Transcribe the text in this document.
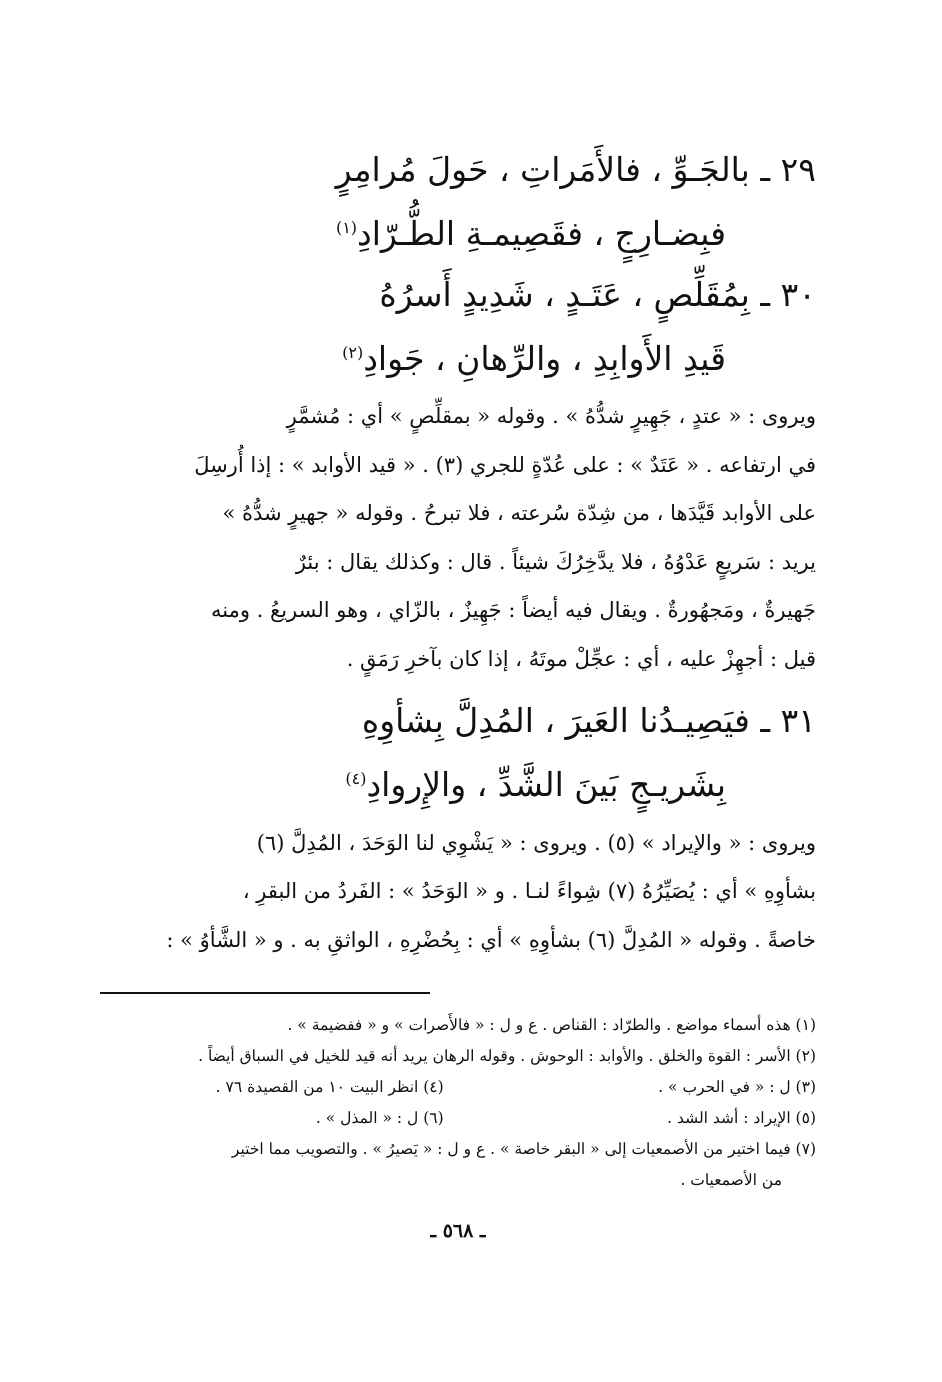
٢٩ ـ بالجَـوِّ ، فالأَمَراتِ ، حَولَ مُرامِرٍ
فبِضـارِجٍ ، فقَصِيمـةِ الطُّـرّادِ$^{(١)}$
٣٠ ـ بِمُقَلِّصٍ ، عَتَـدٍ ، شَدِيدٍ أَسرُهُ
قَيدِ الأَوابِدِ ، والرِّهانِ ، جَوادِ$^{(٢)}$

ويروى : « عتدٍ ، جَهِيرٍ شدُّهُ » . وقوله « بمقلِّصٍ » أي : مُشمَّرٍ

في ارتفاعه . « عَتَدٌ » : على عُدّةٍ للجري (٣) . « قيد الأوابد » : إذا أُرسِلَ

على الأوابد قَيَّدَها ، من شِدّة سُرعته ، فلا تبرحُ . وقوله « جهيرٍ شدُّهُ »

يريد : سَريعٍ عَدْوُهُ ، فلا يدَّخِرُكَ شيئاً . قال : وكذلك يقال : بئرٌ

جَهيرةٌ ، ومَجهُورةٌ . ويقال فيه أيضاً : جَهِيزٌ ، بالزّاي ، وهو السريعُ . ومنه

قيل : أجهِزْ عليه ، أي : عجِّلْ موتَهُ ، إذا كان بآخرِ رَمَقٍ .

٣١ ـ فيَصِيـدُنا العَيرَ ، المُدِلَّ بِشأوِهِ
بِشَريـجٍ بَينَ الشَّدِّ ، والإِروادِ$^{(٤)}$

ويروى : « والإيراد » (٥) . ويروى : « يَشْوِي لنا الوَحَدَ ، المُدِلَّ (٦)

بشأوِهِ » أي : يُصَيِّرُهُ (٧) شِواءً لنـا . و « الوَحَدُ » : الفَردُ من البقرِ ،

خاصةً . وقوله « المُدِلَّ (٦) بشأوِهِ » أي : بِحُضْرِهِ ، الواثقِ به . و « الشَّأوُ » :

(١) هذه أسماء مواضع . والطرّاد : القناص . ع و ل : « فالأَصرات » و « ففضيمة » .
(٢) الأسر : القوة والخلق . والأوابد : الوحوش . وقوله الرهان يريد أنه قيد للخيل في السباق أيضاً .
(٣) ل : « في الحرب » .
(٤) انظر البيت ١٠ من القصيدة ٧٦ .
(٥) الإيراد : أشد الشد .
(٦) ل : « المذل » .
(٧) فيما اختير من الأصمعيات إلى « البقر خاصة » . ع و ل : « يَصيرُ » . والتصويب مما اختير
من الأصمعيات .
ـ ٥٦٨ ـ
